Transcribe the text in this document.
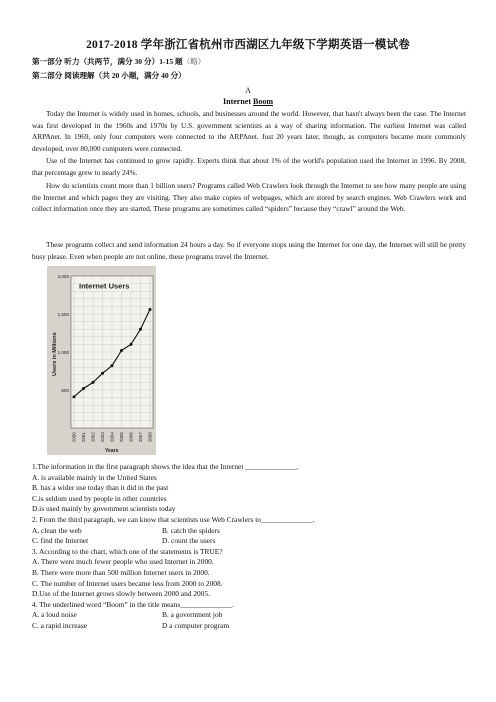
2017-2018 学年浙江省杭州市西湖区九年级下学期英语一模试卷
第一部分 听力（共两节，满分 30 分）1-15 题（略）
第二部分 阅读理解（共 20 小题，满分 40 分）
A
Internet Boom

Today the Internet is widely used in homes, schools, and businesses around the world. However, that hasn't always been the case. The Internet was first developed in the 1960s and 1970s by U.S. government scientists as a way of sharing information. The earliest Internet was called ARPAnet. In 1969, only four computers were connected to the ARPAnet. Just 20 years later, though, as computers became more commonly developed, over 80,000 computers were connected.

Use of the Internet has continued to grow rapidly. Experts think that about 1% of the world's population used the Internet in 1996. By 2008, that percentage grew to nearly 24%.

How do scientists count more than 1 billion users? Programs called Web Crawlers look through the Internet to see how many people are using the Internet and which pages they are visiting. They also make copies of webpages, which are stored by search engines. Web Crawlers work and collect information once they are started. These programs are sometimes called “spiders” because they “crawl” around the Web.

These programs collect and send information 24 hours a day. So if everyone stops using the Internet for one day, the Internet will still be pretty busy please. Even when people are not online, these programs travel the Internet.

Internet Users
Users in Millions
500
1,000
1,500
2,000
2000 2001 2002 2003 2004 2005 2006 2007 2008
Years
1.The information in the first paragraph shows the idea that the Internet ______________.
A. is available mainly in the United States
B. has a wider use today than it did in the past
C.is seldom used by people in other countries
D.is used mainly by government scientists today
2. From the third paragraph, we can know that scientists use Web Crawlers to______________.
A, clean the web	B. catch the spiders
C. find the Internet	D. count the users
3. According to the chart, which one of the statements is TRUE?
A. There were much fewer people who used Internet in 2000.
B. There were more than 500 million Internet users in 2000.
C. The number of Internet users became less from 2000 to 2008.
D.Use of the Internet grows slowly between 2000 and 2005.
4. The underlined word “Boom” in the title means______________.
A. a loud noise	B. a government job
C. a rapid increase	D a computer program
